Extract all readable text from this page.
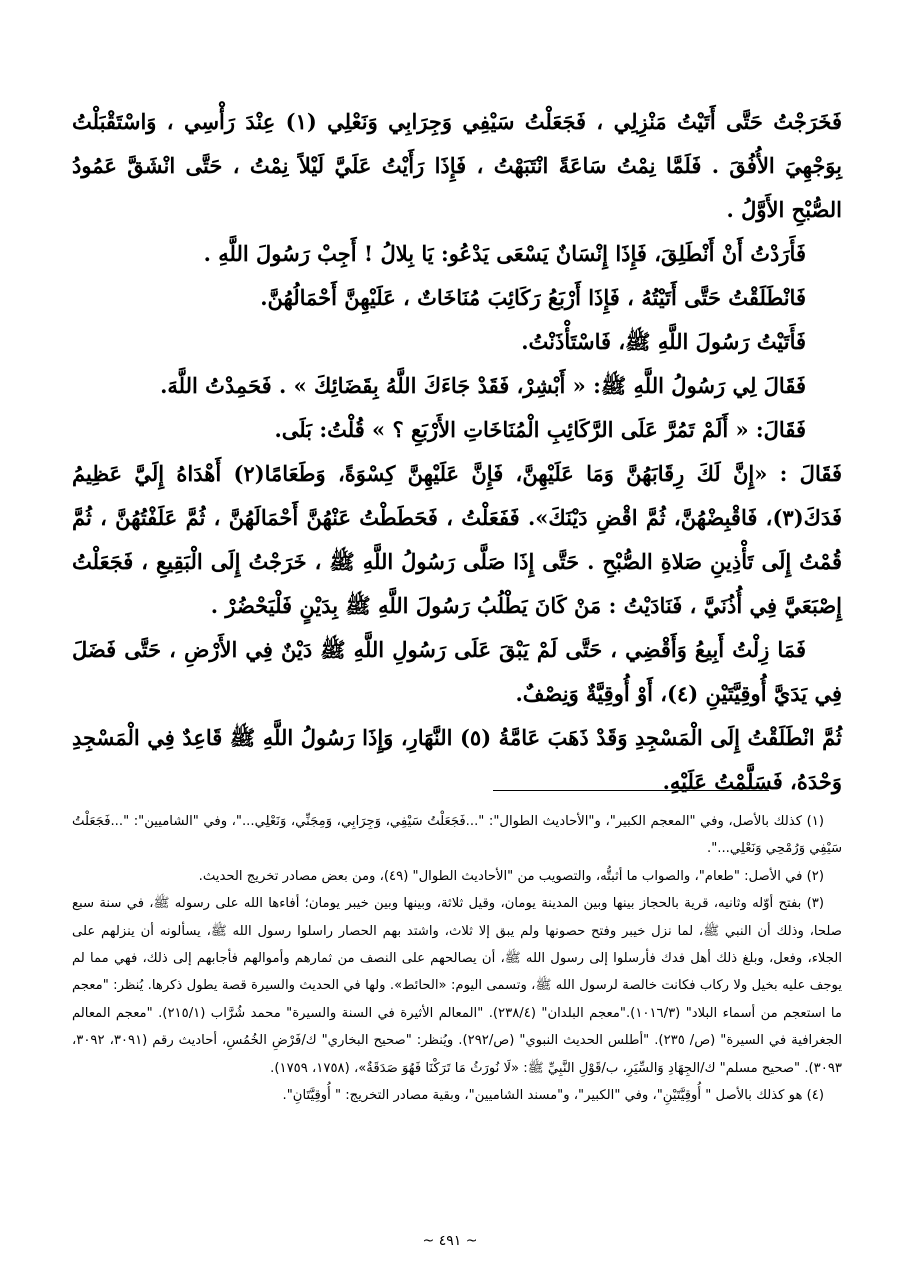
فَخَرَجْتُ حَتَّى أَتَيْتُ مَنْزِلِي ، فَجَعَلْتُ سَيْفِي وَجِرَابِي وَنَعْلِي (١) عِنْدَ رَأْسِي ، وَاسْتَقْبَلْتُ بِوَجْهِيَ الأُفُقَ . فَلَمَّا نِمْتُ سَاعَةً انْتَبَهْتُ ، فَإِذَا رَأَيْتُ عَلَيَّ لَيْلاً نِمْتُ ، حَتَّى انْشَقَّ عَمُودُ الصُّبْحِ الأَوَّلُ .

فَأَرَدْتُ أَنْ أَنْطَلِقَ، فَإِذَا إِنْسَانٌ يَسْعَى يَدْعُو: يَا بِلالُ ! أَجِبْ رَسُولَ اللَّهِ .

فَانْطَلَقْتُ حَتَّى أَتَيْتُهُ ، فَإِذَا أَرْبَعُ رَكَائِبَ مُنَاخَاتٌ ، عَلَيْهِنَّ أَحْمَالُهُنَّ.

فَأَتَيْتُ رَسُولَ اللَّهِ ﷺ، فَاسْتَأْذَنْتُ.

فَقَالَ لِي رَسُولُ اللَّهِ ﷺ: « أَبْشِرْ، فَقَدْ جَاءَكَ اللَّهُ بِقَضَائِكَ » . فَحَمِدْتُ اللَّهَ.

فَقَالَ: « أَلَمْ تَمُرَّ عَلَى الرَّكَائِبِ الْمُنَاخَاتِ الأَرْبَعِ ؟ » قُلْتُ: بَلَى.

فَقَالَ : «إِنَّ لَكَ رِقَابَهُنَّ وَمَا عَلَيْهِنَّ، فَإِنَّ عَلَيْهِنَّ كِسْوَةً، وَطَعَامًا(٢) أَهْدَاهُ إِلَيَّ عَظِيمُ فَدَكَ(٣)، فَاقْبِضْهُنَّ، ثُمَّ اقْضِ دَيْنَكَ». فَفَعَلْتُ ، فَحَطَطْتُ عَنْهُنَّ أَحْمَالَهُنَّ ، ثُمَّ عَلَفْتُهُنَّ ، ثُمَّ قُمْتُ إِلَى تَأْذِينِ صَلاةِ الصُّبْحِ . حَتَّى إِذَا صَلَّى رَسُولُ اللَّهِ ﷺ ، خَرَجْتُ إِلَى الْبَقِيعِ ، فَجَعَلْتُ إِصْبَعَيَّ فِي أُذُنَيَّ ، فَنَادَيْتُ : مَنْ كَانَ يَطْلُبُ رَسُولَ اللَّهِ ﷺ بِدَيْنٍ فَلْيَحْضُرْ .

فَمَا زِلْتُ أَبِيعُ وَأَقْضِي ، حَتَّى لَمْ يَبْقَ عَلَى رَسُولِ اللَّهِ ﷺ دَيْنٌ فِي الأَرْضِ ، حَتَّى فَضَلَ فِي يَدَيَّ أُوقِيَّتَيْنِ (٤)، أَوْ أُوقِيَّةٌ وَنِصْفٌ.

ثُمَّ انْطَلَقْتُ إِلَى الْمَسْجِدِ وَقَدْ ذَهَبَ عَامَّةُ (٥) النَّهَارِ، وَإِذَا رَسُولُ اللَّهِ ﷺ قَاعِدٌ فِي الْمَسْجِدِ وَحْدَهُ، فَسَلَّمْتُ عَلَيْهِ.

(١) كذلك بالأصل، وفي "المعجم الكبير"، و"الأحاديث الطوال": "...فَجَعَلْتُ سَيْفِي، وَجِرَابِي، وَمِجَنِّي، وَنَعْلِي..."، وفي "الشاميين": "...فَجَعَلْتُ سَيْفِي وَرُمْحِي وَنَعْلِي...".

(٢) في الأصل: "طعام"، والصواب ما أثبتُّه، والتصويب من "الأحاديث الطوال" (٤٩)، ومن بعض مصادر تخريج الحديث.

(٣) بفتح أوّله وثانيه، قرية بالحجاز بينها وبين المدينة يومان، وقيل ثلاثة، وبينها وبين خيبر يومان؛ أفاءها الله على رسوله ﷺ، في سنة سبع صلحا، وذلك أن النبي ﷺ، لما نزل خيبر وفتح حصونها ولم يبق إلا ثلاث، واشتد بهم الحصار راسلوا رسول الله ﷺ، يسألونه أن ينزلهم على الجلاء، وفعل، وبلغ ذلك أهل فدك فأرسلوا إلى رسول الله ﷺ، أن يصالحهم على النصف من ثمارهم وأموالهم فأجابهم إلى ذلك، فهي مما لم يوجف عليه بخيل ولا ركاب فكانت خالصة لرسول الله ﷺ، وتسمى اليوم: «الحائط». ولها في الحديث والسيرة قصة يطول ذكرها. يُنظر: "معجم ما استعجم من أسماء البلاد" (١٠١٦/٣)."معجم البلدان" (٢٣٨/٤). "المعالم الأثيرة في السنة والسيرة" محمد شُرَّاب (٢١٥/١). "معجم المعالم الجغرافية في السيرة" (ص/ ٢٣٥). "أطلس الحديث النبوي" (ص/٢٩٢). ويُنظر: "صحيح البخاري" ك/فَرْضِ الخُمُسِ، أحاديث رقم (٣٠٩١، ٣٠٩٢، ٣٠٩٣). "صحيح مسلم" ك/الجِهَادِ وَالسِّيَرِ، ب/قَوْلِ النَّبِيِّ ﷺ: «لَا نُورَثُ مَا تَرَكْنَا فَهُوَ صَدَقَةٌ»، (١٧٥٨، ١٧٥٩).

(٤) هو كذلك بالأصل " أُوقِيَّتَيْنِ"، وفي "الكبير"، و"مسند الشاميين"، وبقية مصادر التخريج: " أُوقِيَّتَانِ".

~ ٤٩١ ~
